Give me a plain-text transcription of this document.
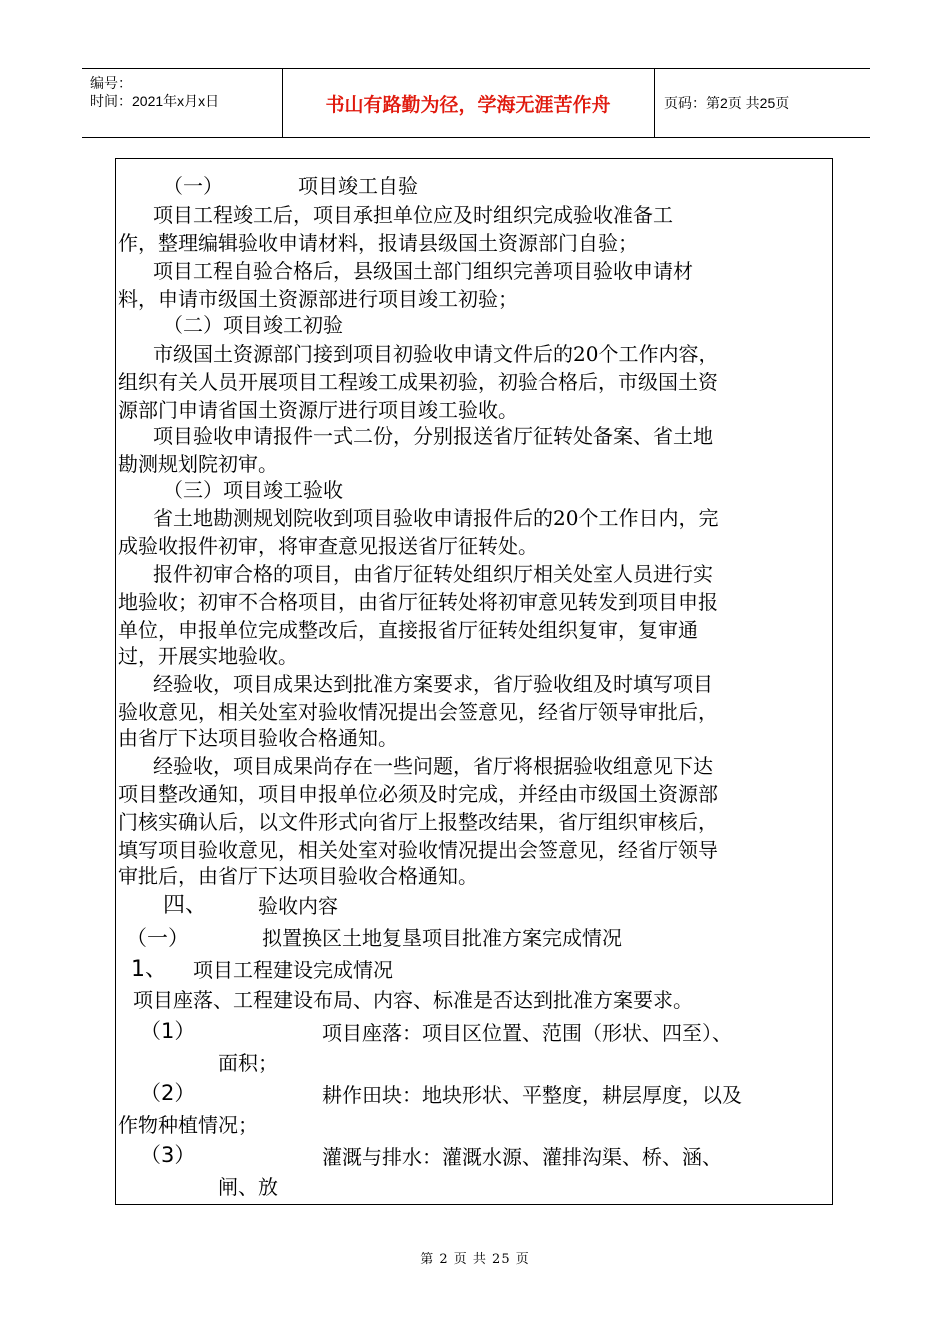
编号：
时间：2021年x月x日	书山有路勤为径，学海无涯苦作舟	页码：第2页 共25页
（一）	项目竣工自验
项目工程竣工后，项目承担单位应及时组织完成验收准备工
作，整理编辑验收申请材料，报请县级国土资源部门自验；
项目工程自验合格后，县级国土部门组织完善项目验收申请材
料，申请市级国土资源部进行项目竣工初验；
（二）项目竣工初验
市级国土资源部门接到项目初验收申请文件后的20个工作内容，
组织有关人员开展项目工程竣工成果初验，初验合格后，市级国土资
源部门申请省国土资源厅进行项目竣工验收。
项目验收申请报件一式二份，分别报送省厅征转处备案、省土地
勘测规划院初审。
（三）项目竣工验收
省土地勘测规划院收到项目验收申请报件后的20个工作日内，完
成验收报件初审，将审查意见报送省厅征转处。
报件初审合格的项目，由省厅征转处组织厅相关处室人员进行实
地验收；初审不合格项目，由省厅征转处将初审意见转发到项目申报
单位，申报单位完成整改后，直接报省厅征转处组织复审，复审通
过，开展实地验收。
经验收，项目成果达到批准方案要求，省厅验收组及时填写项目
验收意见，相关处室对验收情况提出会签意见，经省厅领导审批后，
由省厅下达项目验收合格通知。
经验收，项目成果尚存在一些问题，省厅将根据验收组意见下达
项目整改通知，项目申报单位必须及时完成，并经由市级国土资源部
门核实确认后，以文件形式向省厅上报整改结果，省厅组织审核后，
填写项目验收意见，相关处室对验收情况提出会签意见，经省厅领导
审批后，由省厅下达项目验收合格通知。
四、	验收内容
（一）	拟置换区土地复垦项目批准方案完成情况
1、 项目工程建设完成情况
项目座落、工程建设布局、内容、标准是否达到批准方案要求。
（1）	项目座落：项目区位置、范围（形状、四至）、
面积；
（2）	耕作田块：地块形状、平整度，耕层厚度，以及
作物种植情况；
（3）	灌溉与排水：灌溉水源、灌排沟渠、桥、涵、
闸、放
第 2 页 共 25 页
